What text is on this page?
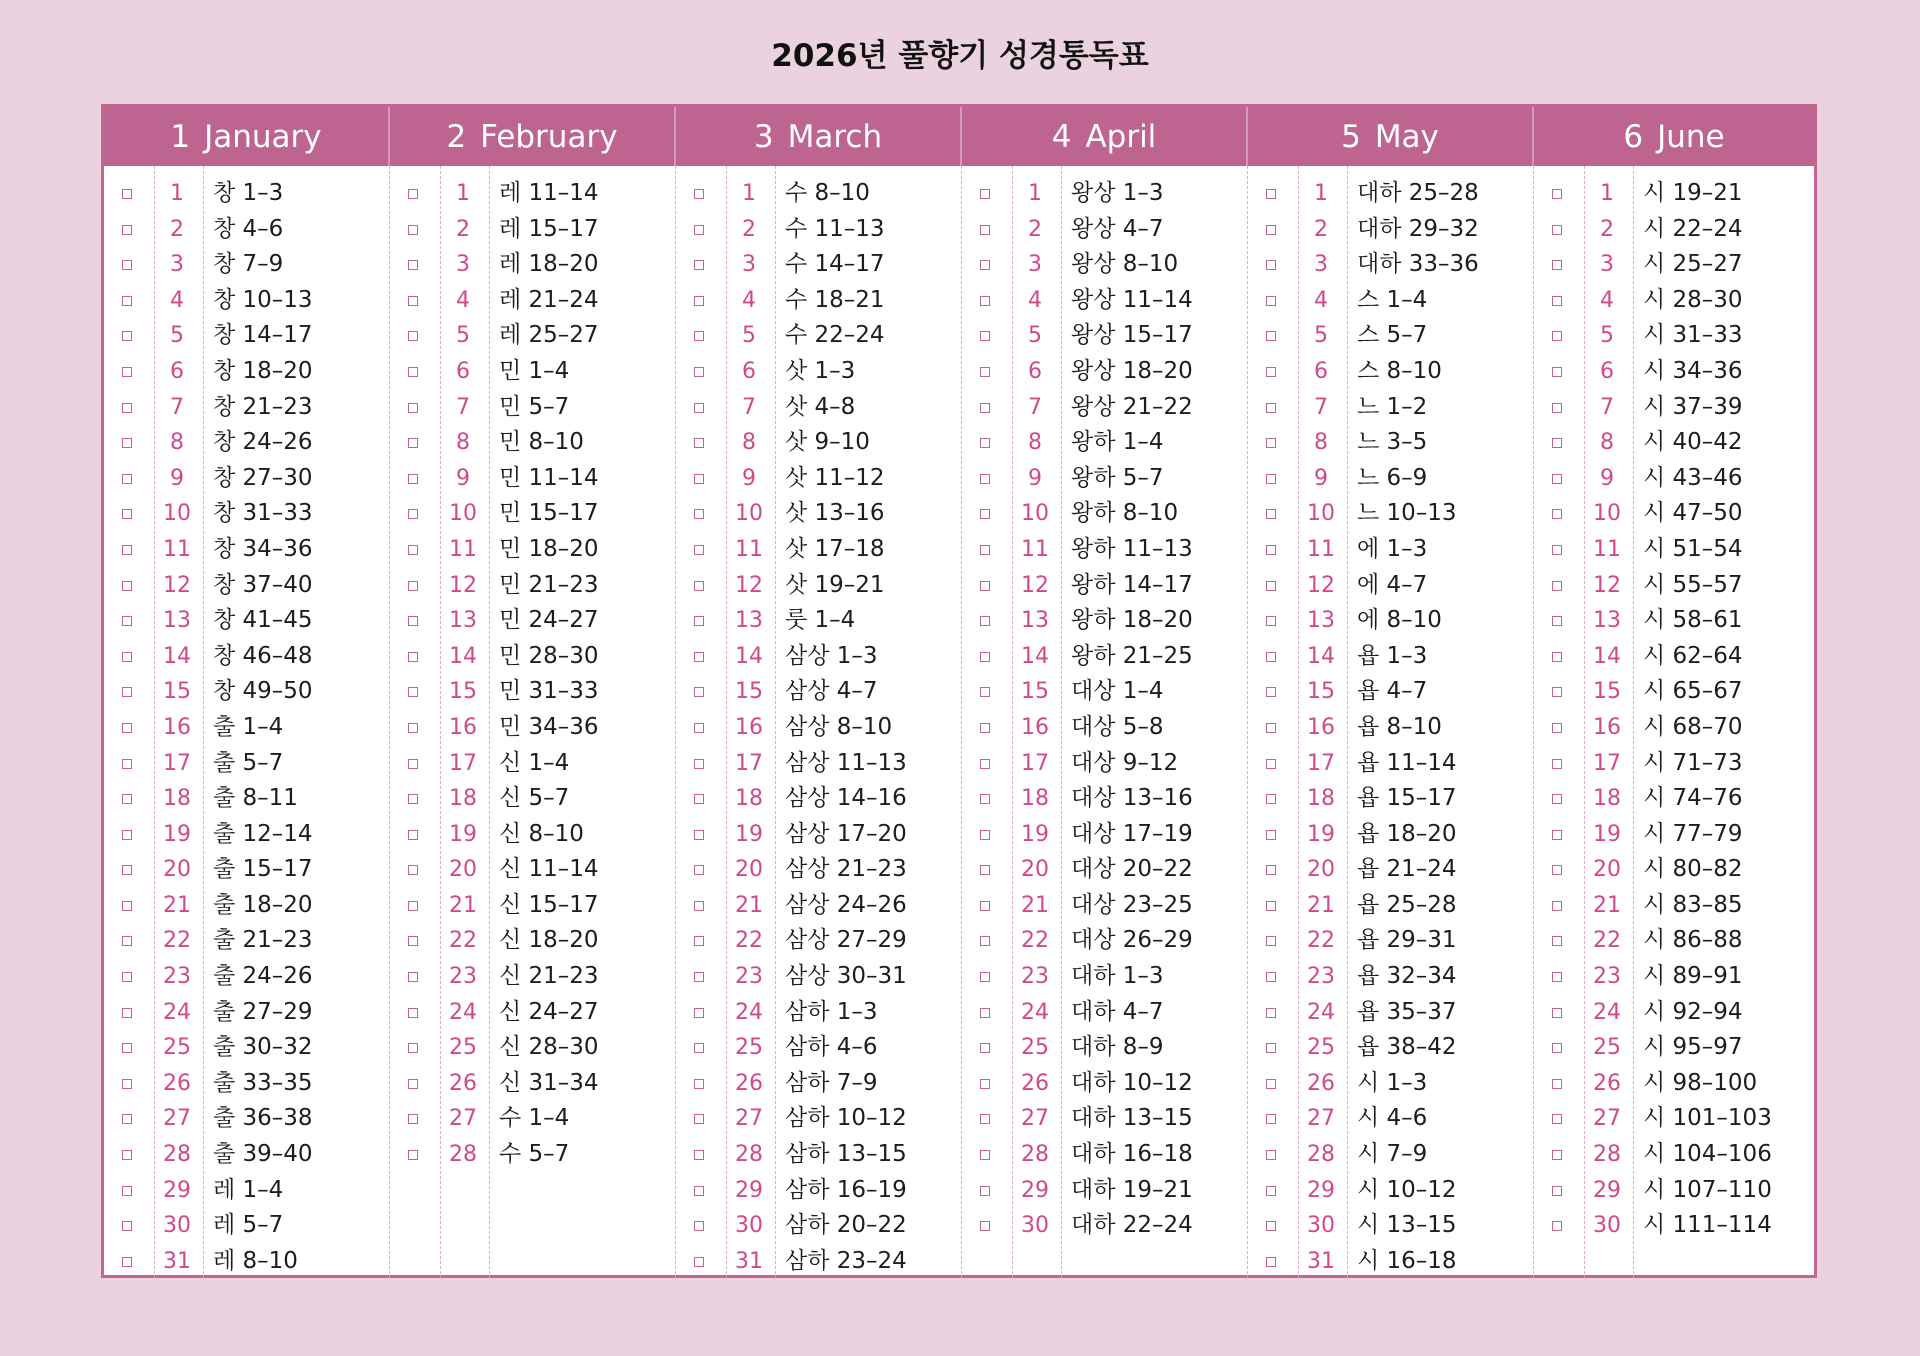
2026년 풀향기 성경통독표
1 January	2 February	3 March	4 April	5 May	6 June
1	창 1–3
2	창 4–6
3	창 7–9
4	창 10–13
5	창 14–17
6	창 18–20
7	창 21–23
8	창 24–26
9	창 27–30
10 창 31–33
11 창 34–36
12 창 37–40
13 창 41–45
14 창 46–48
15 창 49–50
16 출 1–4
17 출 5–7
18 출 8–11
19 출 12–14
20 출 15–17
21 출 18–20
22 출 21–23
23 출 24–26
24 출 27–29
25 출 30–32
26 출 33–35
27 출 36–38
28 출 39–40
29 레 1–4
30 레 5–7
31 레 8–10
1	레 11–14
2	레 15–17
3	레 18–20
4	레 21–24
5	레 25–27
6	민 1–4
7	민 5–7
8	민 8–10
9	민 11–14
10 민 15–17
11 민 18–20
12 민 21–23
13 민 24–27
14 민 28–30
15 민 31–33
16 민 34–36
17 신 1–4
18 신 5–7
19 신 8–10
20 신 11–14
21 신 15–17
22 신 18–20
23 신 21–23
24 신 24–27
25 신 28–30
26 신 31–34
27 수 1–4
28 수 5–7
1	수 8–10
2	수 11–13
3	수 14–17
4	수 18–21
5	수 22–24
6	삿 1–3
7	삿 4–8
8	삿 9–10
9	삿 11–12
10 삿 13–16
11 삿 17–18
12 삿 19–21
13 룻 1–4
14 삼상 1–3
15 삼상 4–7
16 삼상 8–10
17 삼상 11–13
18 삼상 14–16
19 삼상 17–20
20 삼상 21–23
21 삼상 24–26
22 삼상 27–29
23 삼상 30–31
24 삼하 1–3
25 삼하 4–6
26 삼하 7–9
27 삼하 10–12
28 삼하 13–15
29 삼하 16–19
30 삼하 20–22
31 삼하 23–24
1	왕상 1–3
2	왕상 4–7
3	왕상 8–10
4	왕상 11–14
5	왕상 15–17
6	왕상 18–20
7	왕상 21–22
8	왕하 1–4
9	왕하 5–7
10 왕하 8–10
11 왕하 11–13
12 왕하 14–17
13 왕하 18–20
14 왕하 21–25
15 대상 1–4
16 대상 5–8
17 대상 9–12
18 대상 13–16
19 대상 17–19
20 대상 20–22
21 대상 23–25
22 대상 26–29
23 대하 1–3
24 대하 4–7
25 대하 8–9
26 대하 10–12
27 대하 13–15
28 대하 16–18
29 대하 19–21
30 대하 22–24
1	대하 25–28
2	대하 29–32
3	대하 33–36
4	스 1–4
5	스 5–7
6	스 8–10
7	느 1–2
8	느 3–5
9	느 6–9
10 느 10–13
11 에 1–3
12 에 4–7
13 에 8–10
14 욥 1–3
15 욥 4–7
16 욥 8–10
17 욥 11–14
18 욥 15–17
19 욥 18–20
20 욥 21–24
21 욥 25–28
22 욥 29–31
23 욥 32–34
24 욥 35–37
25 욥 38–42
26 시 1–3
27 시 4–6
28 시 7–9
29 시 10–12
30 시 13–15
31 시 16–18
1	시 19–21
2	시 22–24
3	시 25–27
4	시 28–30
5	시 31–33
6	시 34–36
7	시 37–39
8	시 40–42
9	시 43–46
10 시 47–50
11 시 51–54
12 시 55–57
13 시 58–61
14 시 62–64
15 시 65–67
16 시 68–70
17 시 71–73
18 시 74–76
19 시 77–79
20 시 80–82
21 시 83–85
22 시 86–88
23 시 89–91
24 시 92–94
25 시 95–97
26 시 98–100
27 시 101–103
28 시 104–106
29 시 107–110
30 시 111–114
